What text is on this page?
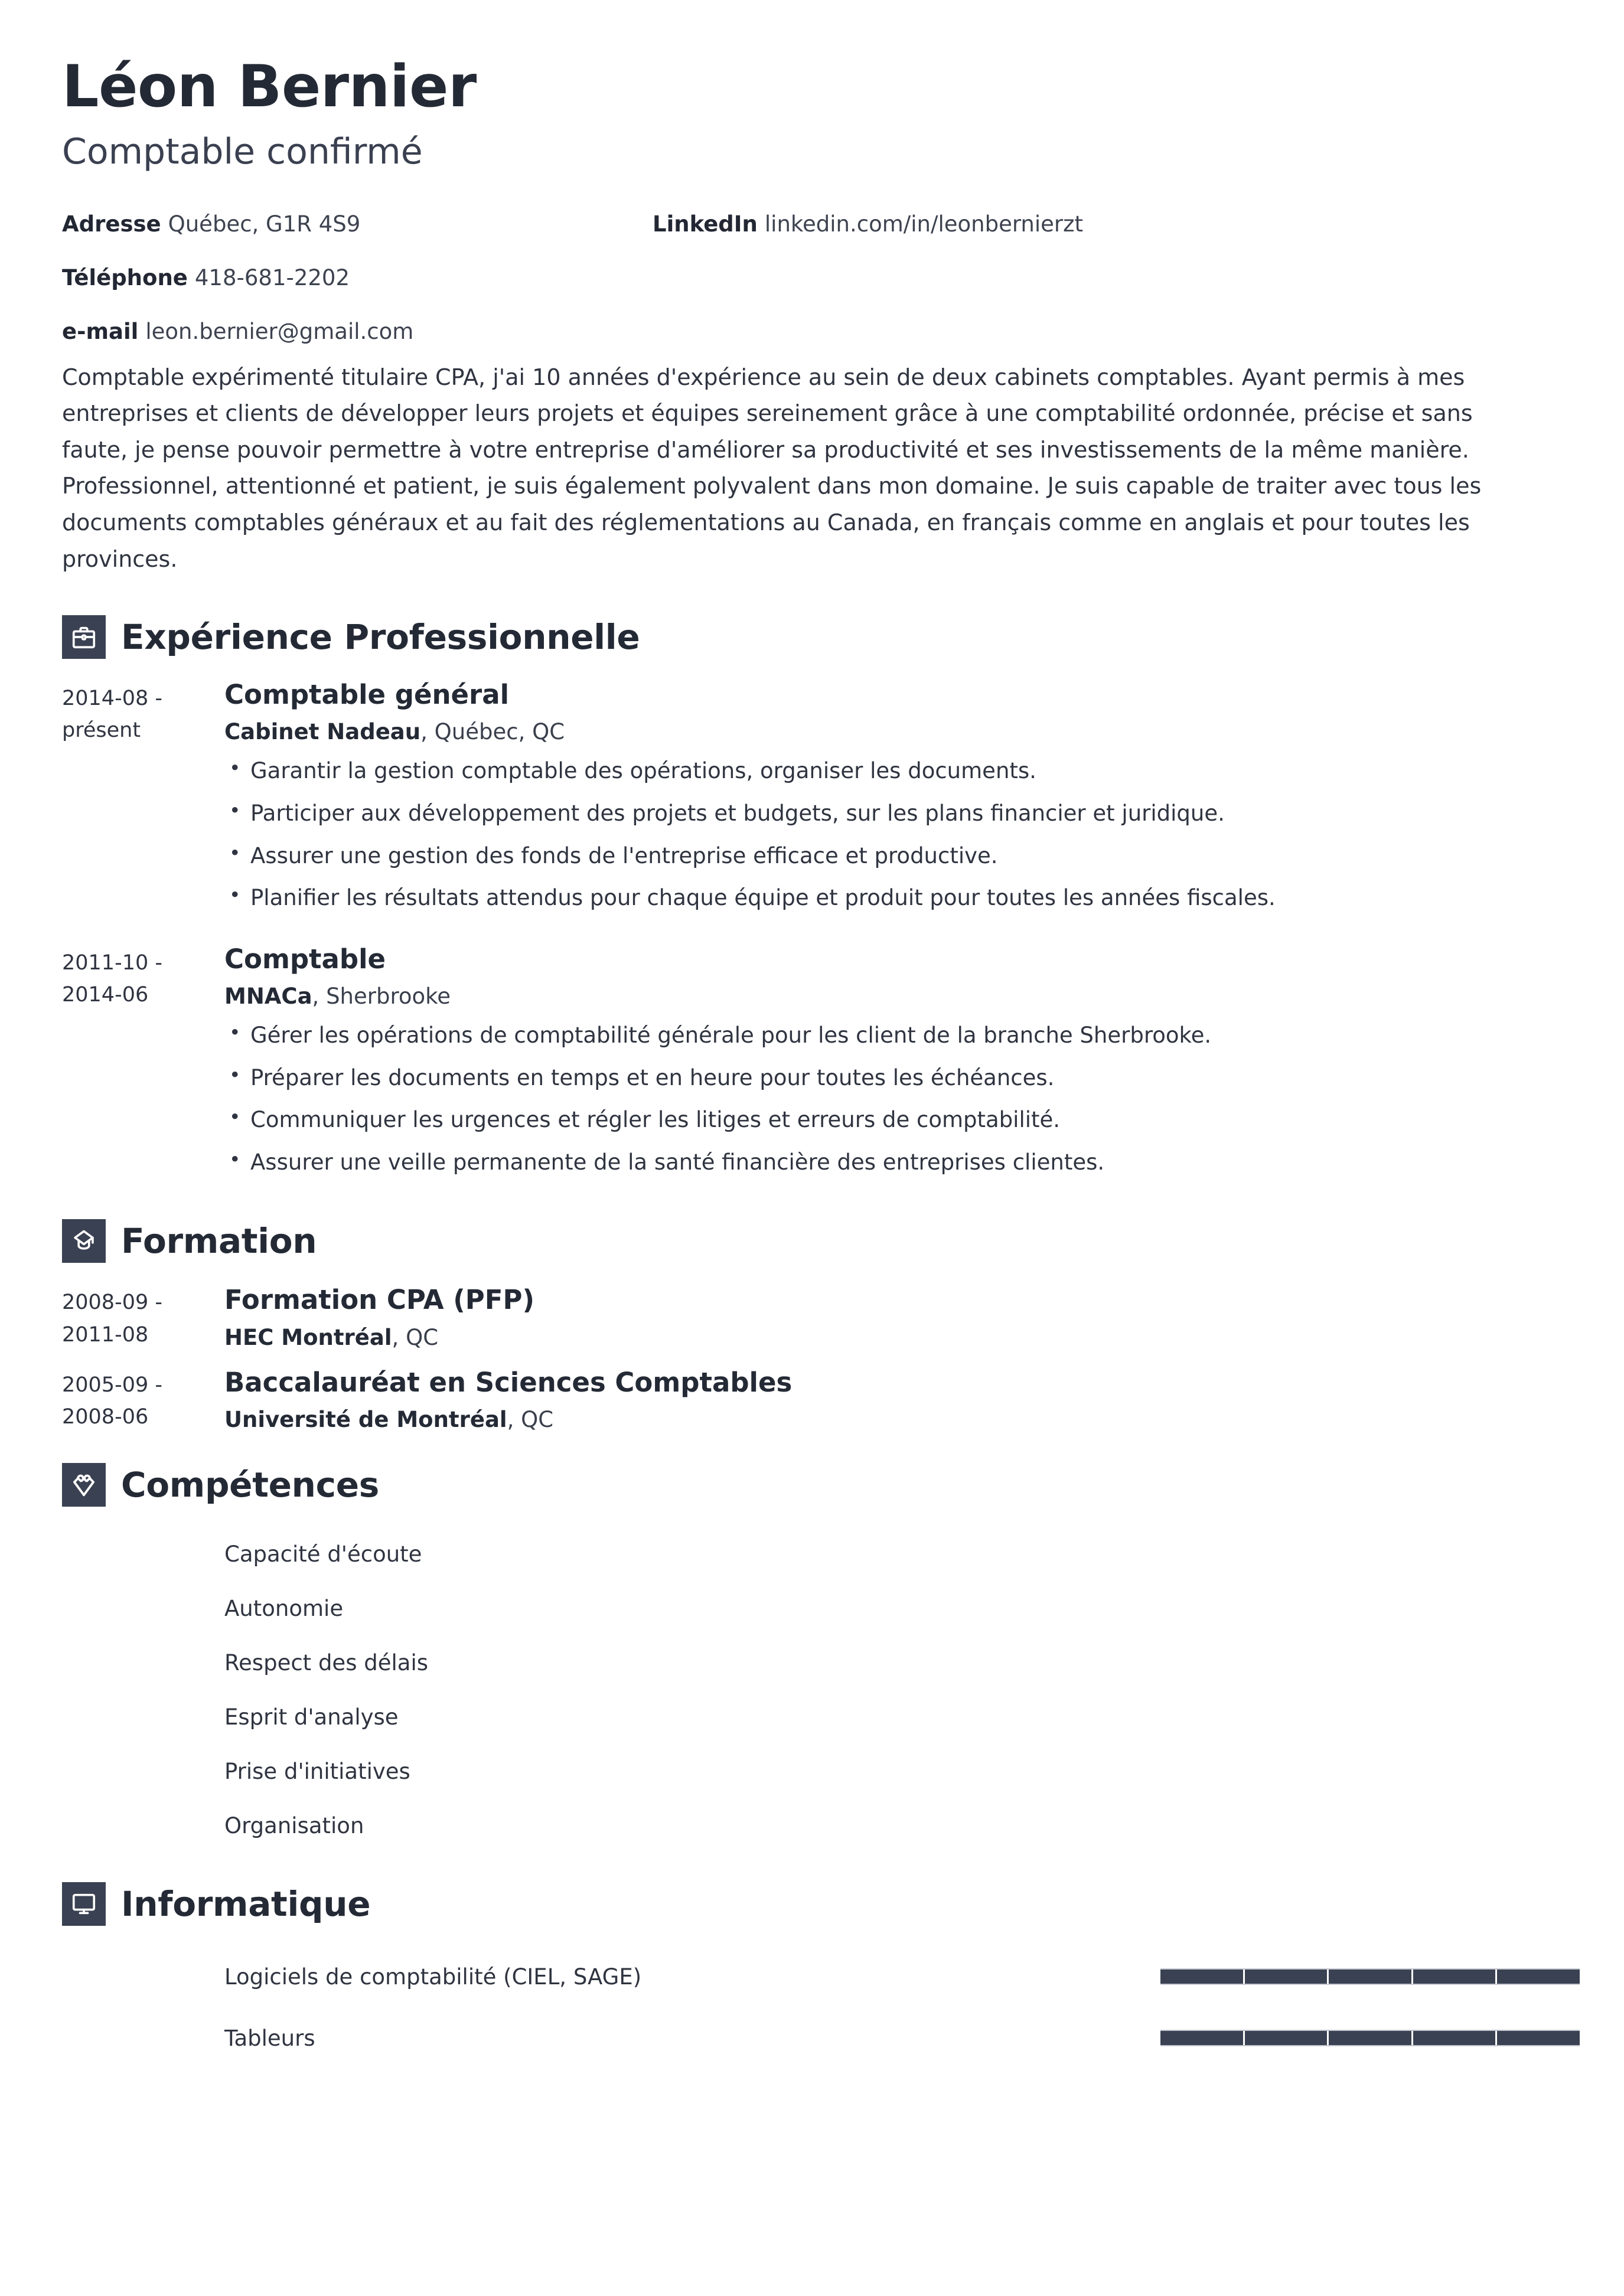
Léon Bernier
Comptable confirmé
Adresse Québec, G1R 4S9
Téléphone 418-681-2202
e-mail leon.bernier@gmail.com
LinkedIn linkedin.com/in/leonbernierzt

Comptable expérimenté titulaire CPA, j'ai 10 années d'expérience au sein de deux cabinets comptables. Ayant permis à mes entreprises et clients de développer leurs projets et équipes sereinement grâce à une comptabilité ordonnée, précise et sans faute, je pense pouvoir permettre à votre entreprise d'améliorer sa productivité et ses investissements de la même manière. Professionnel, attentionné et patient, je suis également polyvalent dans mon domaine. Je suis capable de traiter avec tous les documents comptables généraux et au fait des réglementations au Canada, en français comme en anglais et pour toutes les provinces.

Expérience Professionnelle
2014-08 - présent
Comptable général
Cabinet Nadeau, Québec, QC
• Garantir la gestion comptable des opérations, organiser les documents.
• Participer aux développement des projets et budgets, sur les plans financier et juridique.
• Assurer une gestion des fonds de l'entreprise efficace et productive.
• Planifier les résultats attendus pour chaque équipe et produit pour toutes les années fiscales.
2011-10 - 2014-06
Comptable
MNACa, Sherbrooke
• Gérer les opérations de comptabilité générale pour les client de la branche Sherbrooke.
• Préparer les documents en temps et en heure pour toutes les échéances.
• Communiquer les urgences et régler les litiges et erreurs de comptabilité.
• Assurer une veille permanente de la santé financière des entreprises clientes.
Formation
2008-09 - 2011-08
Formation CPA (PFP)
HEC Montréal, QC
2005-09 - 2008-06
Baccalauréat en Sciences Comptables
Université de Montréal, QC
Compétences
Capacité d'écoute
Autonomie
Respect des délais
Esprit d'analyse
Prise d'initiatives
Organisation
Informatique
Logiciels de comptabilité (CIEL, SAGE)
Tableurs
